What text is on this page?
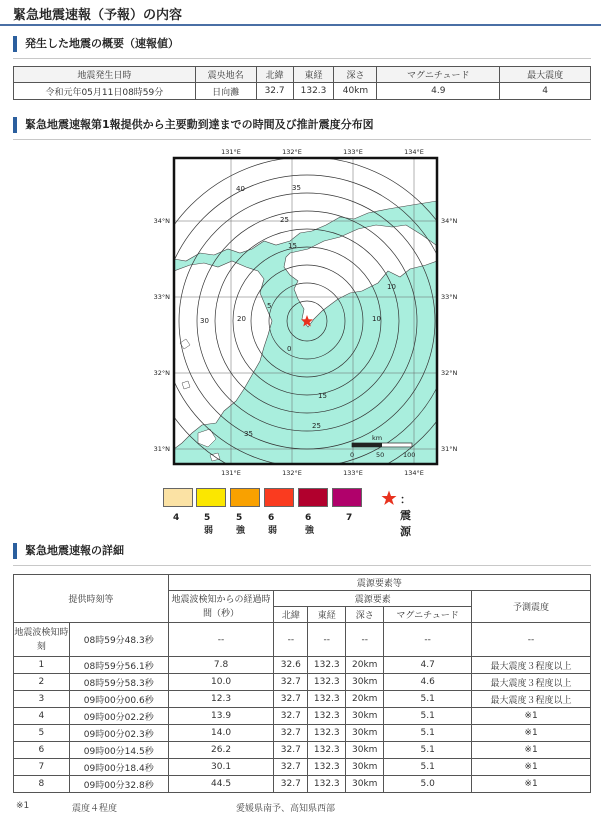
緊急地震速報（予報）の内容
発生した地震の概要（速報値）
地震発生日時	震央地名	北緯	東経	深さ	マグニチュード	最大震度
令和元年05月11日08時59分	日向灘	32.7	132.3	40km	4.9	4
緊急地震速報第1報提供から主要動到達までの時間及び推計震度分布図
0
5
10
15
20
25
30
35
40
10
15
25
35
131°E	132°E	133°E	134°E
131°E	132°E	133°E	134°E
34°N
33°N
32°N
31°N
34°N
33°N
32°N
31°N
km
0	50	100
4	5弱
5強
6弱
6強
7
：震源
緊急地震速報の詳細
提供時刻等		震源要素等					
		地震波検知からの経過時間（秒）	震源要素				予測震度
			北緯	東経	深さ	マグニチュード	
地震波検知時刻	08時59分48.3秒	--	--	--	--	--	--
1	08時59分56.1秒	7.8	32.6	132.3	20km	4.7	最大震度３程度以上
2	08時59分58.3秒	10.0	32.7	132.3	30km	4.6	最大震度３程度以上
3	09時00分00.6秒	12.3	32.7	132.3	20km	5.1	最大震度３程度以上
4	09時00分02.2秒	13.9	32.7	132.3	30km	5.1	※1
5	09時00分02.3秒	14.0	32.7	132.3	30km	5.1	※1
6	09時00分14.5秒	26.2	32.7	132.3	30km	5.1	※1
7	09時00分18.4秒	30.1	32.7	132.3	30km	5.1	※1
8	09時00分32.8秒	44.5	32.7	132.3	30km	5.0	※1
※1	震度４程度	愛媛県南予、高知県西部
